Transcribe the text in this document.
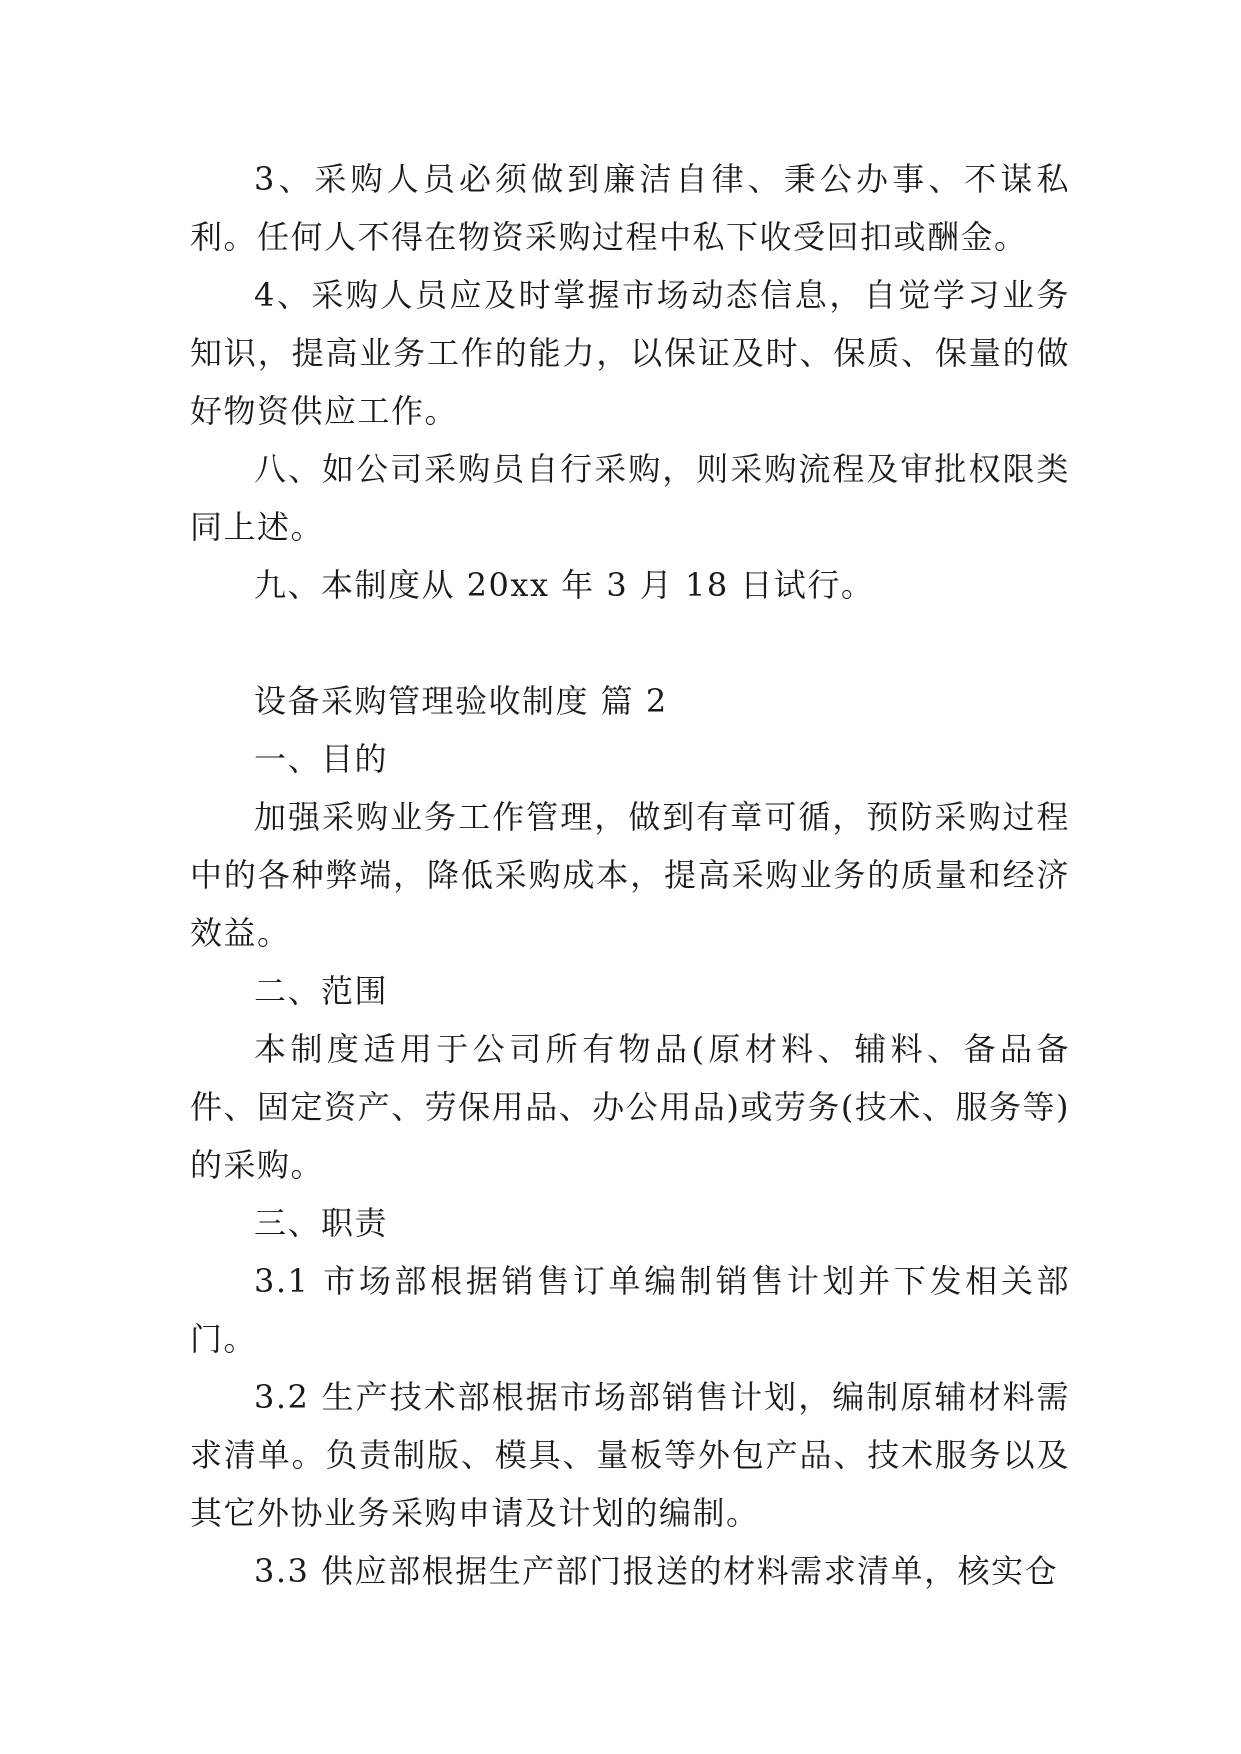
3、采购人员必须做到廉洁自律、秉公办事、不谋私利。任何人不得在物资采购过程中私下收受回扣或酬金。

4、采购人员应及时掌握市场动态信息，自觉学习业务知识，提高业务工作的能力，以保证及时、保质、保量的做好物资供应工作。

八、如公司采购员自行采购，则采购流程及审批权限类同上述。

九、本制度从 20xx 年 3 月 18 日试行。

设备采购管理验收制度 篇 2

一、目的

加强采购业务工作管理，做到有章可循，预防采购过程中的各种弊端，降低采购成本，提高采购业务的质量和经济效益。

二、范围

本制度适用于公司所有物品(原材料、辅料、备品备件、固定资产、劳保用品、办公用品)或劳务(技术、服务等)的采购。

三、职责

3.1 市场部根据销售订单编制销售计划并下发相关部门。

3.2 生产技术部根据市场部销售计划，编制原辅材料需求清单。负责制版、模具、量板等外包产品、技术服务以及其它外协业务采购申请及计划的编制。

3.3 供应部根据生产部门报送的材料需求清单，核实仓
